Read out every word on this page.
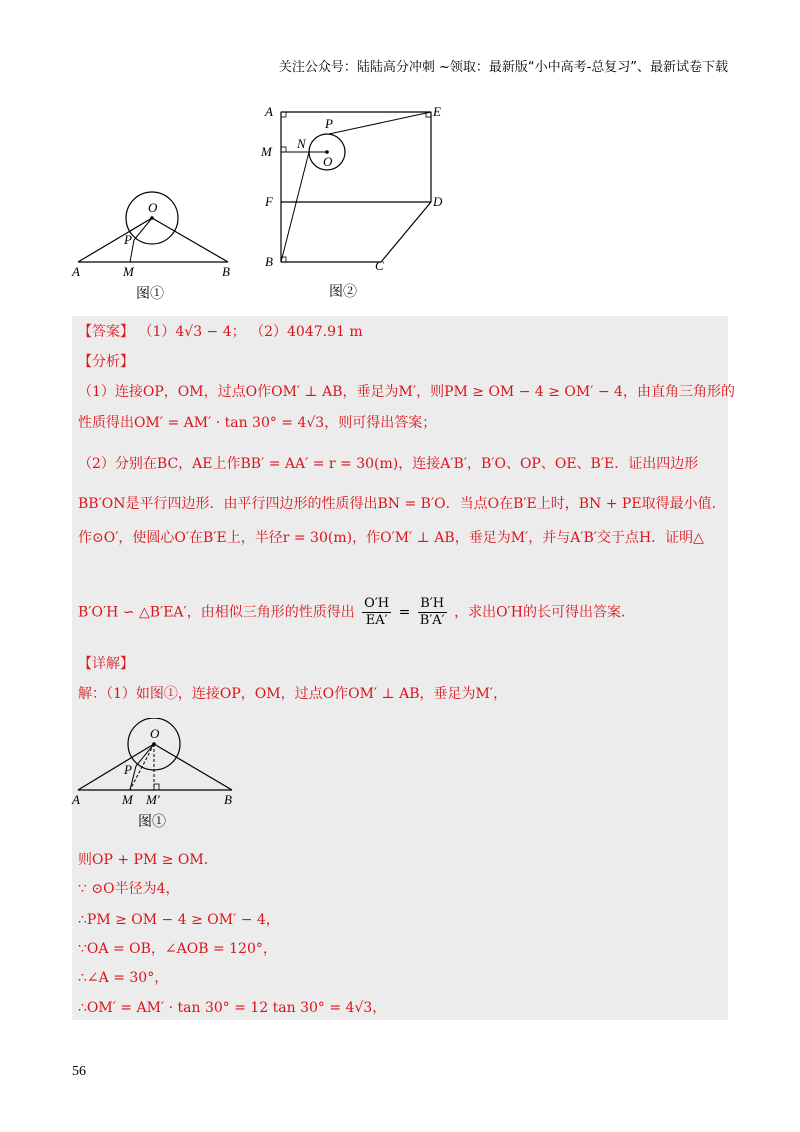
关注公众号：陆陆高分冲刺 ~领取：最新版“小中高考-总复习”、最新试卷下载
O
P
A	M	B
图①
A	E
P
M
N
O
F	D
B	C
图②
【答案】 （1）4√3 − 4； （2）4047.91 m
【分析】
（1）连接OP，OM，过点O作OM′ ⊥ AB，垂足为M′，则PM ≥ OM − 4 ≥ OM′ − 4，由直角三角形的
性质得出OM′ = AM′ · tan 30° = 4√3，则可得出答案；
（2）分别在BC，AE上作BB′ = AA′ = r = 30(m)，连接A′B′，B′O、OP、OE、B′E．证出四边形
BB′ON是平行四边形．由平行四边形的性质得出BN = B′O．当点O在B′E上时，BN + PE取得最小值．
作⊙O′，使圆心O′在B′E上，半径r = 30(m)，作O′M′ ⊥ AB，垂足为M′，并与A′B′交于点H．证明△
B′O′H ∽ △B′EA′，由相似三角形的性质得出 $\frac{O'H}{EA'} = \frac{B'H}{B'A'}$ ，求出O′H的长可得出答案．
【详解】
解：（1）如图①，连接OP，OM，过点O作OM′ ⊥ AB，垂足为M′，
O
P
A	M M'	B
图①
则OP + PM ≥ OM．
∵ ⊙O半径为4，
∴PM ≥ OM − 4 ≥ OM′ − 4，
∵OA = OB，∠AOB = 120°，
∴∠A = 30°，
∴OM′ = AM′ · tan 30° = 12 tan 30° = 4√3，
56
